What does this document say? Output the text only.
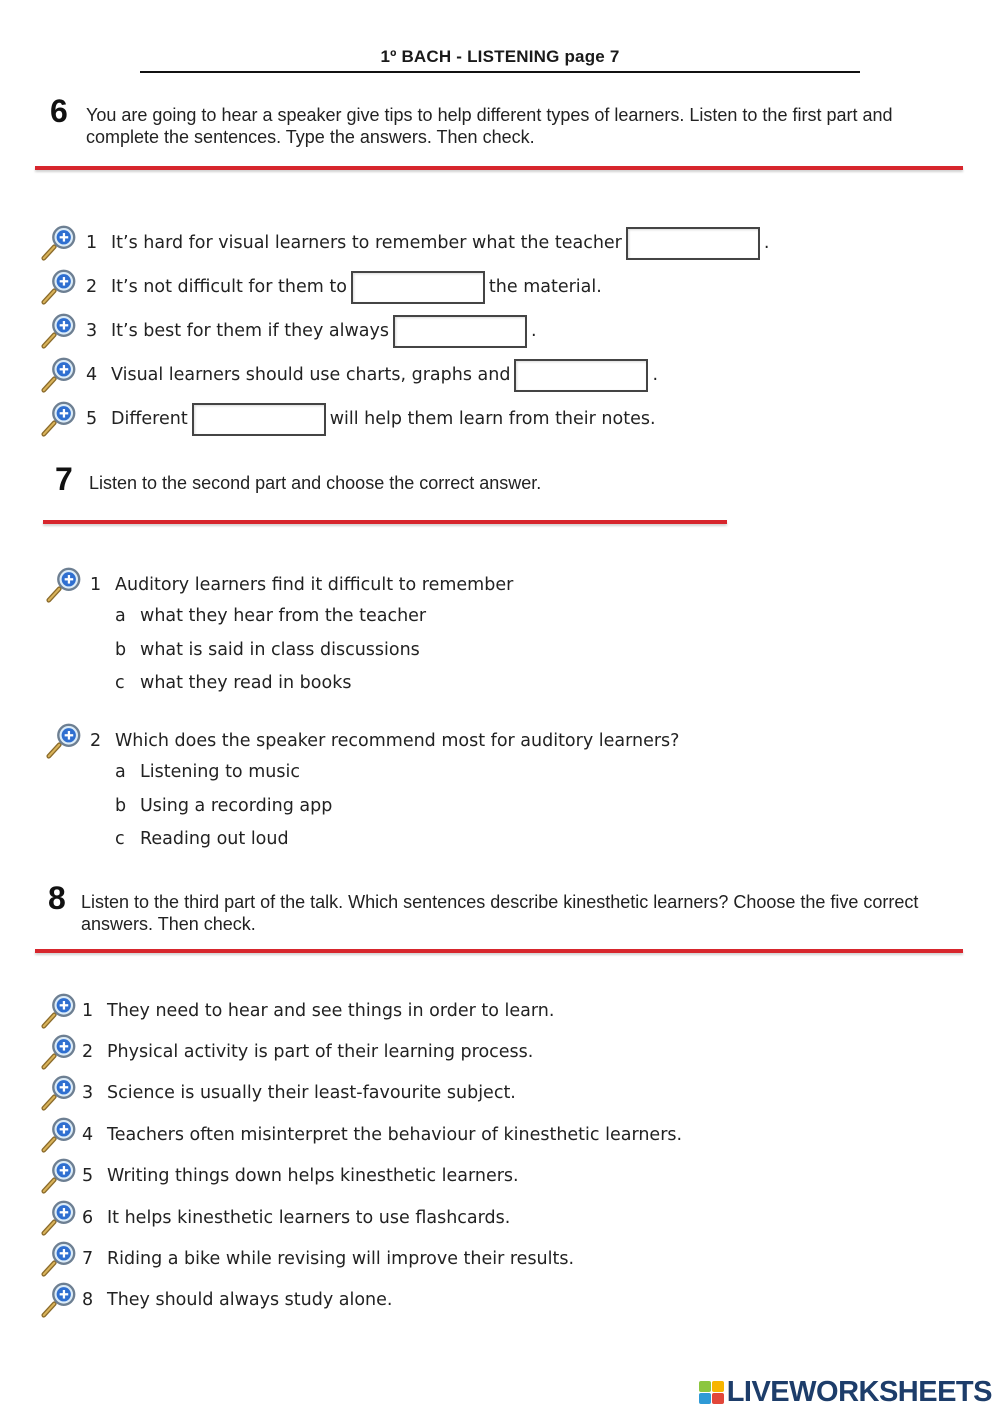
1º BACH - LISTENING page 7
6 You are going to hear a speaker give tips to help different types of learners. Listen to the first part and complete the sentences. Type the answers. Then check.
1 It’s hard for visual learners to remember what the teacher	.
2 It’s not difficult for them to	the material.
3 It’s best for them if they always	.
4 Visual learners should use charts, graphs and	.
5 Different	will help them learn from their notes.
7 Listen to the second part and choose the correct answer.
1 Auditory learners find it difficult to remember
a what they hear from the teacher
b what is said in class discussions
c what they read in books
2 Which does the speaker recommend most for auditory learners?
a Listening to music
b Using a recording app
c Reading out loud
8 Listen to the third part of the talk. Which sentences describe kinesthetic learners? Choose the five correct answers. Then check.
1 They need to hear and see things in order to learn.
2 Physical activity is part of their learning process.
3 Science is usually their least-favourite subject.
4 Teachers often misinterpret the behaviour of kinesthetic learners.
5 Writing things down helps kinesthetic learners.
6 It helps kinesthetic learners to use flashcards.
7 Riding a bike while revising will improve their results.
8 They should always study alone.
LIVEWORKSHEETS
